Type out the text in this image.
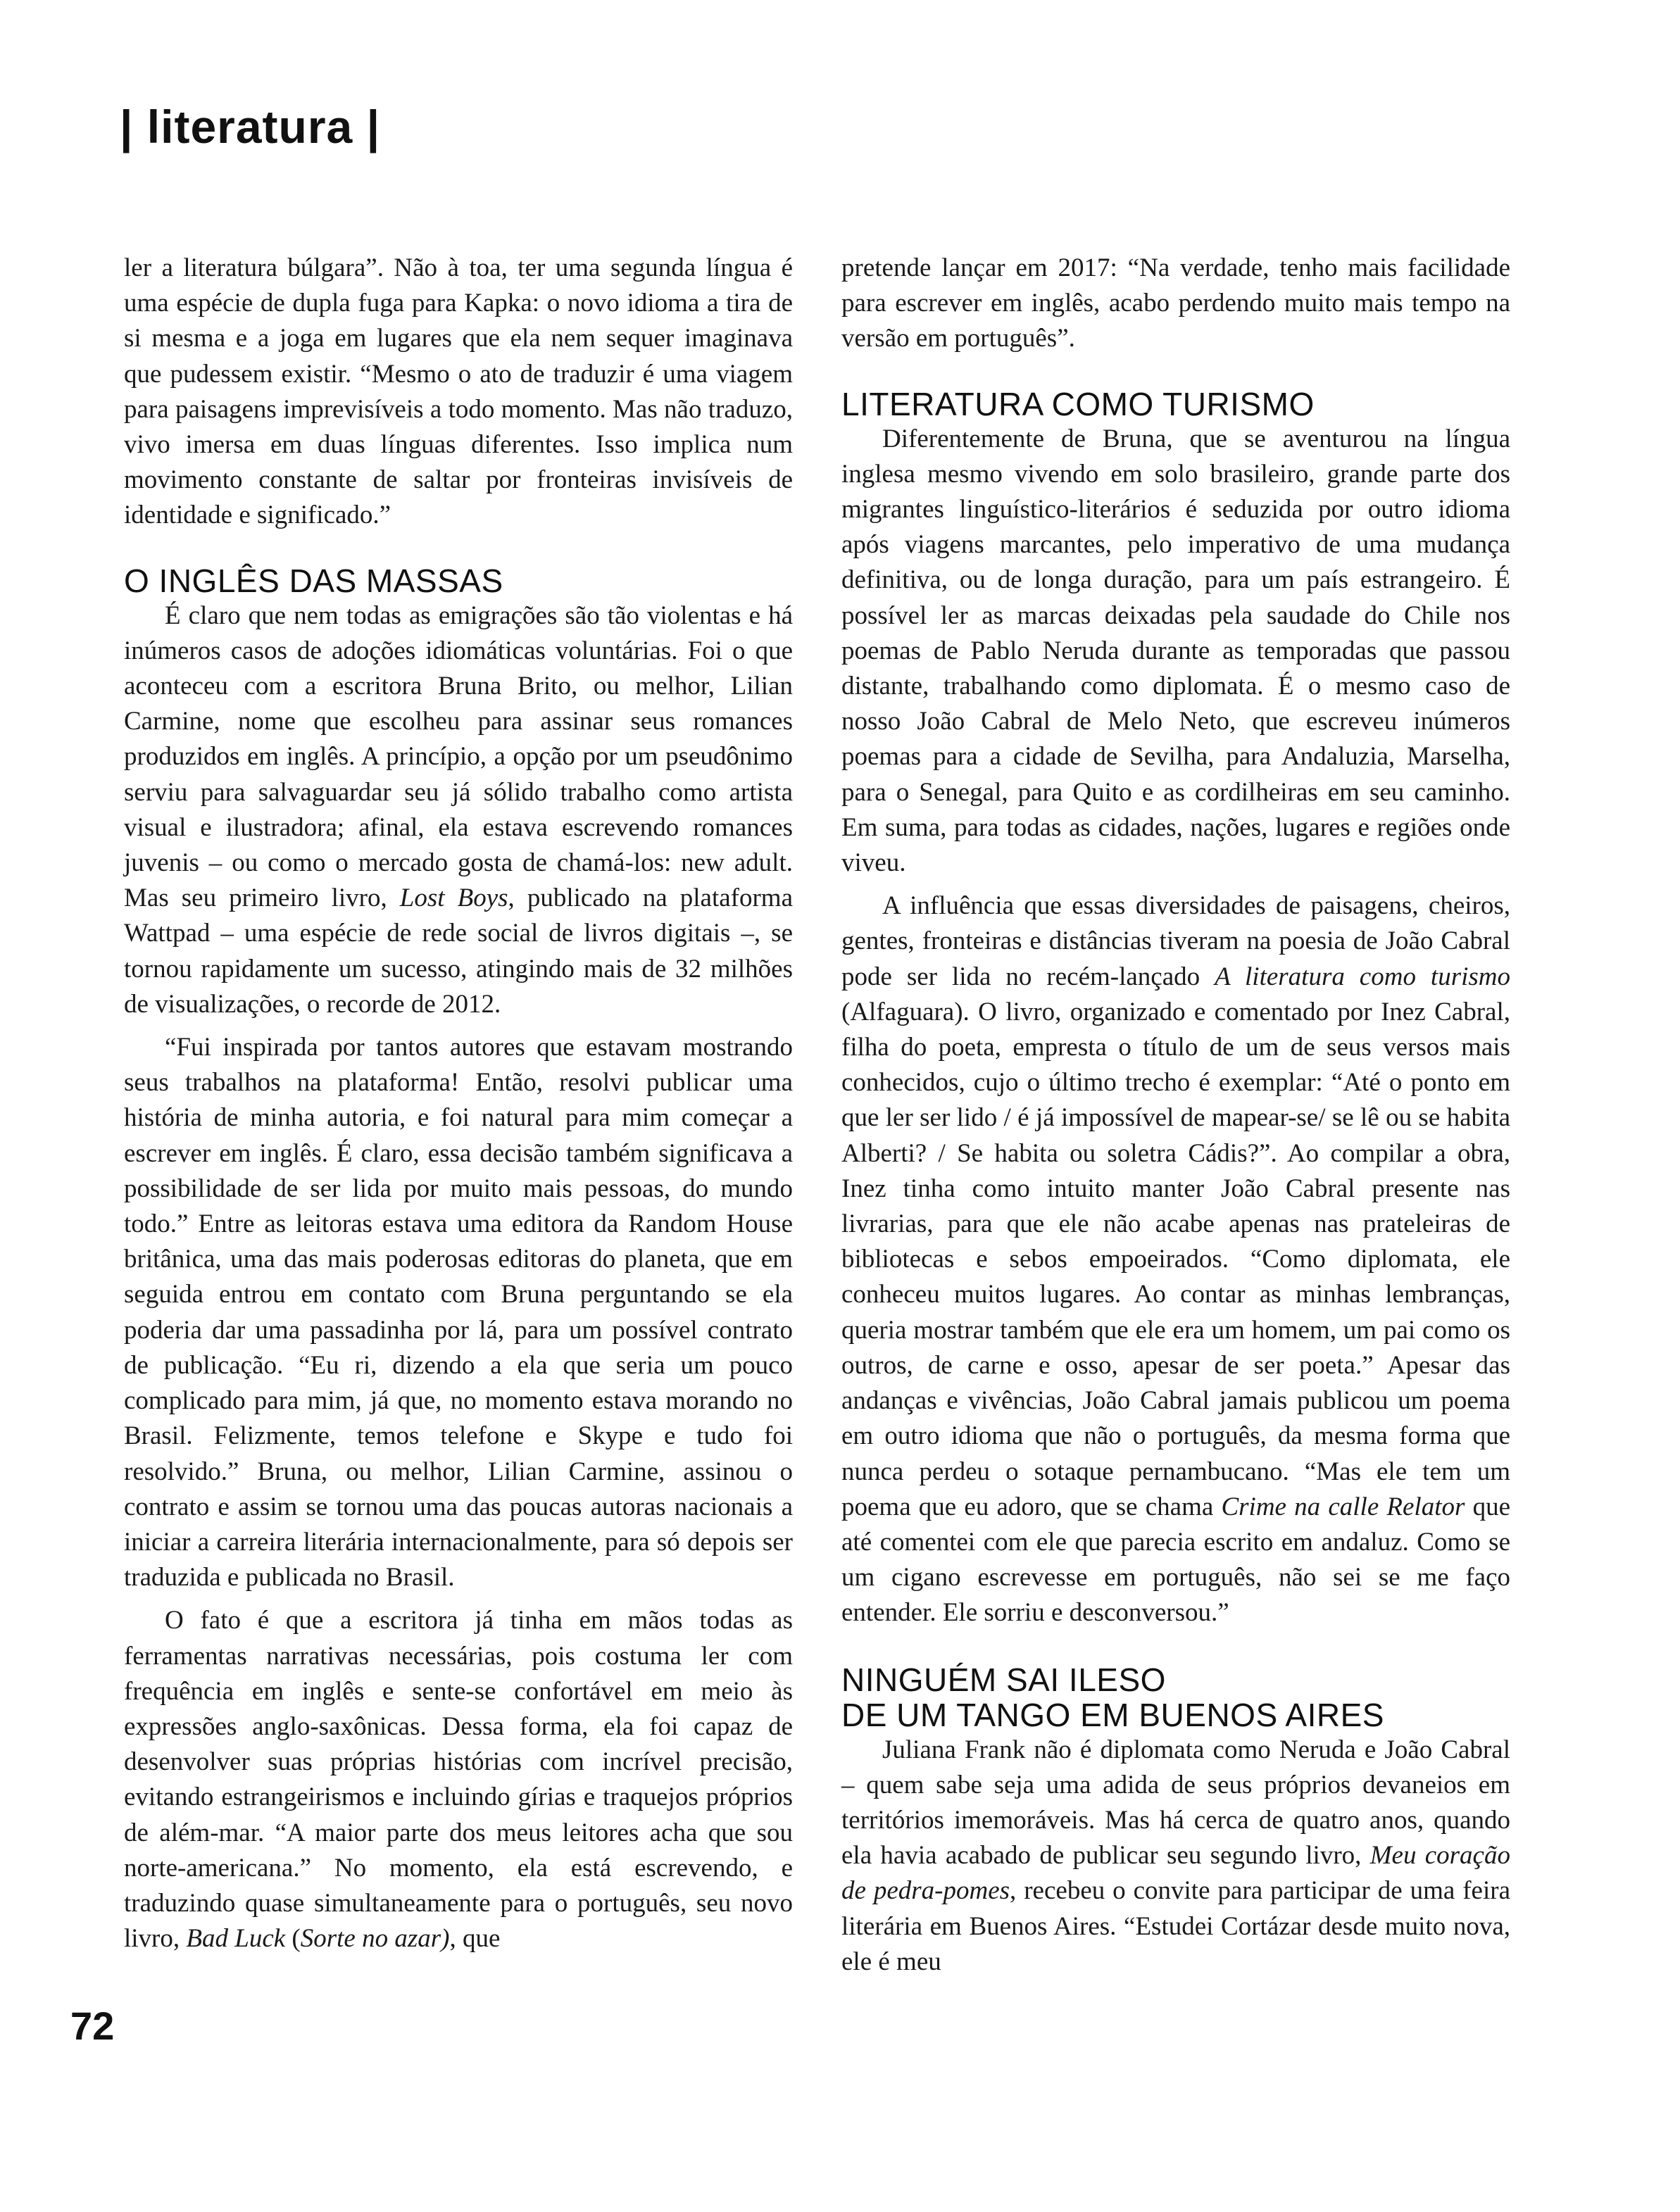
| literatura |

ler a literatura búlgara”. Não à toa, ter uma segunda língua é uma espécie de dupla fuga para Kapka: o novo idioma a tira de si mesma e a joga em lugares que ela nem sequer imaginava que pudessem existir. “Mesmo o ato de traduzir é uma viagem para paisagens imprevisíveis a todo momento. Mas não traduzo, vivo imersa em duas línguas diferentes. Isso implica num movimento constante de saltar por fronteiras invisíveis de identidade e significado.”

O INGLÊS DAS MASSAS

É claro que nem todas as emigrações são tão violentas e há inúmeros casos de adoções idiomáticas voluntárias. Foi o que aconteceu com a escritora Bruna Brito, ou melhor, Lilian Carmine, nome que escolheu para assinar seus romances produzidos em inglês. A princípio, a opção por um pseudônimo serviu para salvaguardar seu já sólido trabalho como artista visual e ilustradora; afinal, ela estava escrevendo romances juvenis – ou como o mercado gosta de chamá-los: new adult. Mas seu primeiro livro, Lost Boys, publicado na plataforma Wattpad – uma espécie de rede social de livros digitais –, se tornou rapidamente um sucesso, atingindo mais de 32 milhões de visualizações, o recorde de 2012.

“Fui inspirada por tantos autores que estavam mostrando seus trabalhos na plataforma! Então, resolvi publicar uma história de minha autoria, e foi natural para mim começar a escrever em inglês. É claro, essa decisão também significava a possibilidade de ser lida por muito mais pessoas, do mundo todo.” Entre as leitoras estava uma editora da Random House britânica, uma das mais poderosas editoras do planeta, que em seguida entrou em contato com Bruna perguntando se ela poderia dar uma passadinha por lá, para um possível contrato de publicação. “Eu ri, dizendo a ela que seria um pouco complicado para mim, já que, no momento estava morando no Brasil. Felizmente, temos telefone e Skype e tudo foi resolvido.” Bruna, ou melhor, Lilian Carmine, assinou o contrato e assim se tornou uma das poucas autoras nacionais a iniciar a carreira literária internacionalmente, para só depois ser traduzida e publicada no Brasil.

O fato é que a escritora já tinha em mãos todas as ferramentas narrativas necessárias, pois costuma ler com frequência em inglês e sente-se confortável em meio às expressões anglo-saxônicas. Dessa forma, ela foi capaz de desenvolver suas próprias histórias com incrível precisão, evitando estrangeirismos e incluindo gírias e traquejos próprios de além-mar. “A maior parte dos meus leitores acha que sou norte-americana.” No momento, ela está escrevendo, e traduzindo quase simultaneamente para o português, seu novo livro, Bad Luck (Sorte no azar), que

pretende lançar em 2017: “Na verdade, tenho mais facilidade para escrever em inglês, acabo perdendo muito mais tempo na versão em português”.

LITERATURA COMO TURISMO

Diferentemente de Bruna, que se aventurou na língua inglesa mesmo vivendo em solo brasileiro, grande parte dos migrantes linguístico-literários é seduzida por outro idioma após viagens marcantes, pelo imperativo de uma mudança definitiva, ou de longa duração, para um país estrangeiro. É possível ler as marcas deixadas pela saudade do Chile nos poemas de Pablo Neruda durante as temporadas que passou distante, trabalhando como diplomata. É o mesmo caso de nosso João Cabral de Melo Neto, que escreveu inúmeros poemas para a cidade de Sevilha, para Andaluzia, Marselha, para o Senegal, para Quito e as cordilheiras em seu caminho. Em suma, para todas as cidades, nações, lugares e regiões onde viveu.

A influência que essas diversidades de paisagens, cheiros, gentes, fronteiras e distâncias tiveram na poesia de João Cabral pode ser lida no recém-lançado A literatura como turismo (Alfaguara). O livro, organizado e comentado por Inez Cabral, filha do poeta, empresta o título de um de seus versos mais conhecidos, cujo o último trecho é exemplar: “Até o ponto em que ler ser lido / é já impossível de mapear-se/ se lê ou se habita Alberti? / Se habita ou soletra Cádis?”. Ao compilar a obra, Inez tinha como intuito manter João Cabral presente nas livrarias, para que ele não acabe apenas nas prateleiras de bibliotecas e sebos empoeirados. “Como diplomata, ele conheceu muitos lugares. Ao contar as minhas lembranças, queria mostrar também que ele era um homem, um pai como os outros, de carne e osso, apesar de ser poeta.” Apesar das andanças e vivências, João Cabral jamais publicou um poema em outro idioma que não o português, da mesma forma que nunca perdeu o sotaque pernambucano. “Mas ele tem um poema que eu adoro, que se chama Crime na calle Relator que até comentei com ele que parecia escrito em andaluz. Como se um cigano escrevesse em português, não sei se me faço entender. Ele sorriu e desconversou.”

NINGUÉM SAI ILESO
DE UM TANGO EM BUENOS AIRES

Juliana Frank não é diplomata como Neruda e João Cabral – quem sabe seja uma adida de seus próprios devaneios em territórios imemoráveis. Mas há cerca de quatro anos, quando ela havia acabado de publicar seu segundo livro, Meu coração de pedra-pomes, recebeu o convite para participar de uma feira literária em Buenos Aires. “Estudei Cortázar desde muito nova, ele é meu

72
